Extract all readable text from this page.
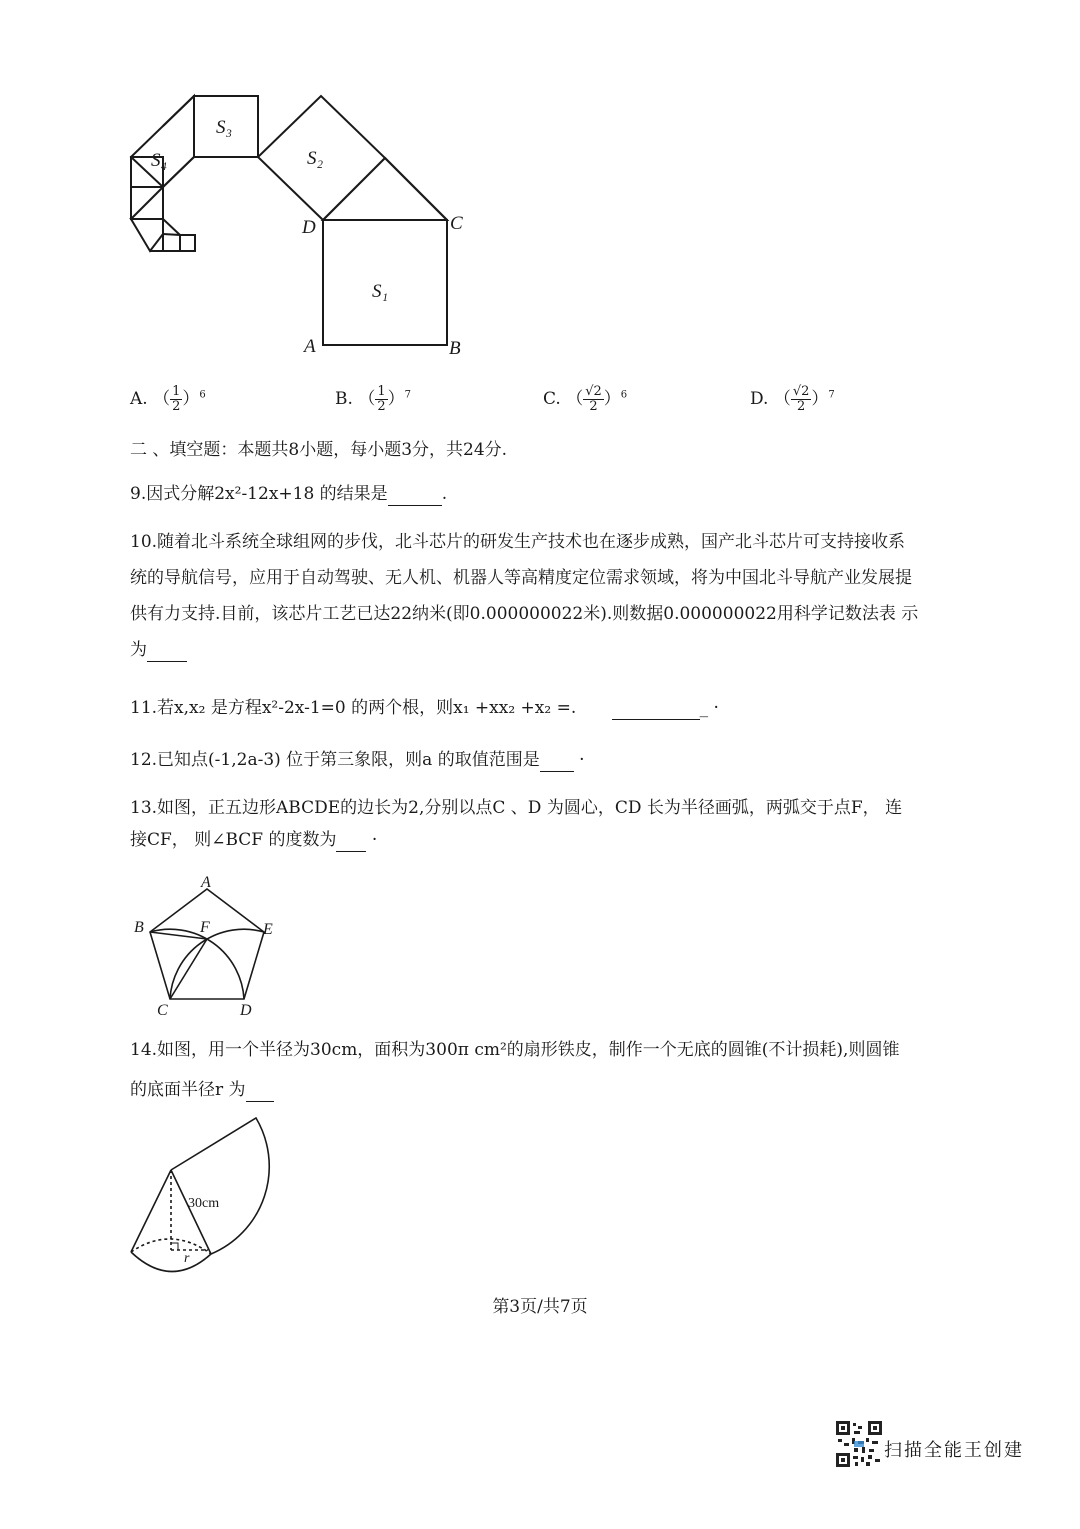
S₃
S₄	S₂
D	C
S₁
A	B
A. （ $\frac{1}{2} )^6$	B. （ $\frac{1}{2} )^7$	C. （ $\frac{√2}{2} )^6$	D. （ $\frac{√2}{2} )^7$
二 、填空题：本题共8小题，每小题3分，共24分.
9.因式分解2x²-12x+18 的结果是	.
10.随着北斗系统全球组网的步伐，北斗芯片的研发生产技术也在逐步成熟，国产北斗芯片可支持接收系
统的导航信号，应用于自动驾驶、无人机、机器人等高精度定位需求领域，将为中国北斗导航产业发展提
供有力支持.目前，该芯片工艺已达22纳米(即0.000000022米).则数据0.000000022用科学记数法表 示
为
11.若x,x₂ 是方程x²-2x-1=0 的两个根，则x₁ +xx₂ +x₂ =.	_ ·
12.已知点(-1,2a-3) 位于第三象限，则a 的取值范围是 ·
13.如图，正五边形ABCDE的边长为2,分别以点C 、D 为圆心，CD 长为半径画弧，两弧交于点F， 连
接CF， 则∠BCF 的度数为 ·
A
B	F	E
C	D
14.如图，用一个半径为30cm，面积为300π cm²的扇形铁皮，制作一个无底的圆锥(不计损耗),则圆锥
的底面半径r 为
30cm
r
第3页/共7页
扫描全能王创建
